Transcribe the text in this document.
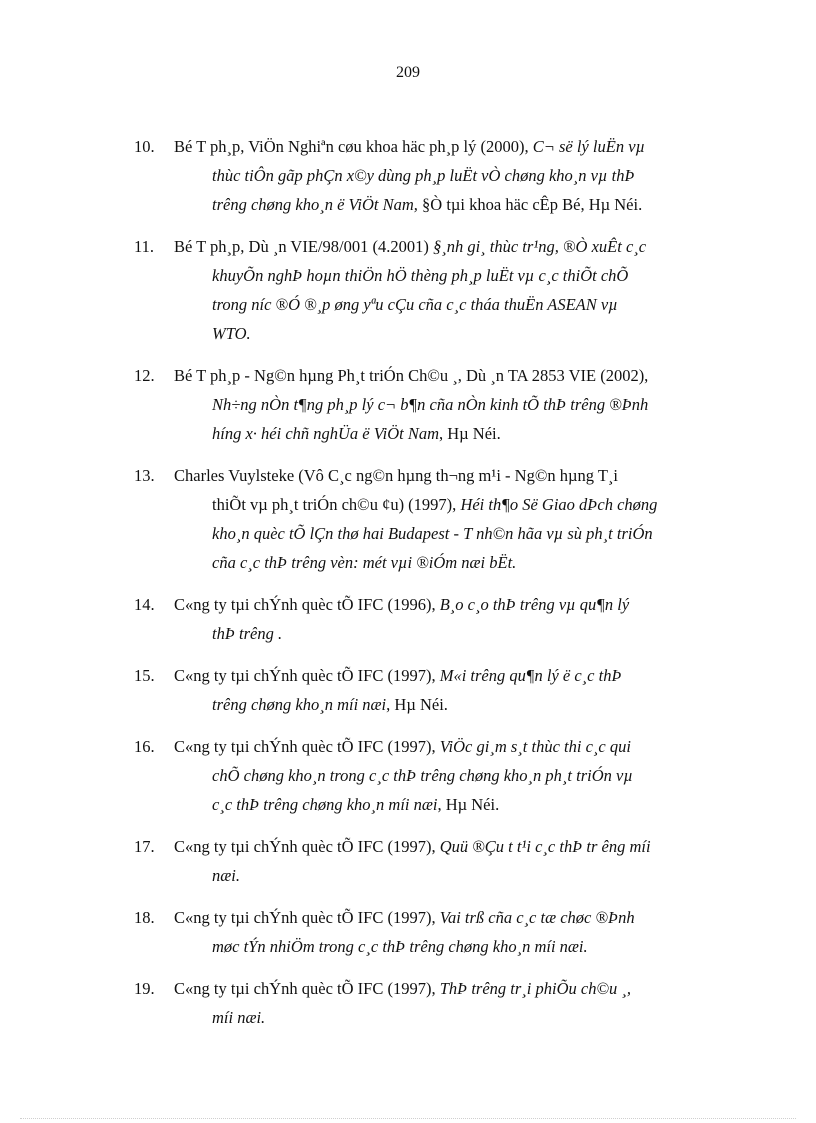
209
10. Bé T ph¸p, ViÖn Nghiªn cøu khoa häc ph¸p lý (2000), C¬ së lý luËn vµ
thùc tiÔn gãp phÇn x©y dùng ph¸p luËt vÒ chøng kho¸n vµ thÞ
trêng chøng kho¸n ë ViÖt Nam, §Ò tµi khoa häc cÊp Bé, Hµ Néi.
11. Bé T ph¸p, Dù ¸n VIE/98/001 (4.2001) §¸nh gi¸ thùc tr¹ng, ®Ò xuÊt c¸c
khuyÕn nghÞ hoµn thiÖn hÖ thèng ph¸p luËt vµ c¸c thiÕt chÕ
trong níc ®Ó ®¸p øng yªu cÇu cña c¸c tháa thuËn ASEAN vµ
WTO.
12. Bé T ph¸p - Ng©n hµng Ph¸t triÓn Ch©u ¸, Dù ¸n TA 2853 VIE (2002),
Nh÷ng nÒn t¶ng ph¸p lý c¬ b¶n cña nÒn kinh tÕ thÞ trêng ®Þnh
híng x· héi chñ nghÜa ë ViÖt Nam, Hµ Néi.
13. Charles Vuylsteke (Vô C¸c ng©n hµng th¬ng m¹i - Ng©n hµng T¸i
thiÕt vµ ph¸t triÓn ch©u ¢u) (1997), Héi th¶o Së Giao dÞch chøng
kho¸n quèc tÕ lÇn thø hai Budapest - T nh©n hãa vµ sù ph¸t triÓn
cña c¸c thÞ trêng vèn: mét vµi ®iÓm næi bËt.
14. C«ng ty tµi chÝnh quèc tÕ IFC (1996), B¸o c¸o thÞ trêng vµ qu¶n lý
thÞ trêng .
15. C«ng ty tµi chÝnh quèc tÕ IFC (1997), M«i trêng qu¶n lý ë c¸c thÞ
trêng chøng kho¸n míi næi, Hµ Néi.
16. C«ng ty tµi chÝnh quèc tÕ IFC (1997), ViÖc gi¸m s¸t thùc thi c¸c qui
chÕ chøng kho¸n trong c¸c thÞ trêng chøng kho¸n ph¸t triÓn vµ
c¸c thÞ trêng chøng kho¸n míi næi, Hµ Néi.
17. C«ng ty tµi chÝnh quèc tÕ IFC (1997), Quü ®Çu t t¹i c¸c thÞ tr êng míi
næi.
18. C«ng ty tµi chÝnh quèc tÕ IFC (1997), Vai trß cña c¸c tæ chøc ®Þnh
møc tÝn nhiÖm trong c¸c thÞ trêng chøng kho¸n míi næi.
19. C«ng ty tµi chÝnh quèc tÕ IFC (1997), ThÞ trêng tr¸i phiÕu ch©u ¸,
míi næi.
